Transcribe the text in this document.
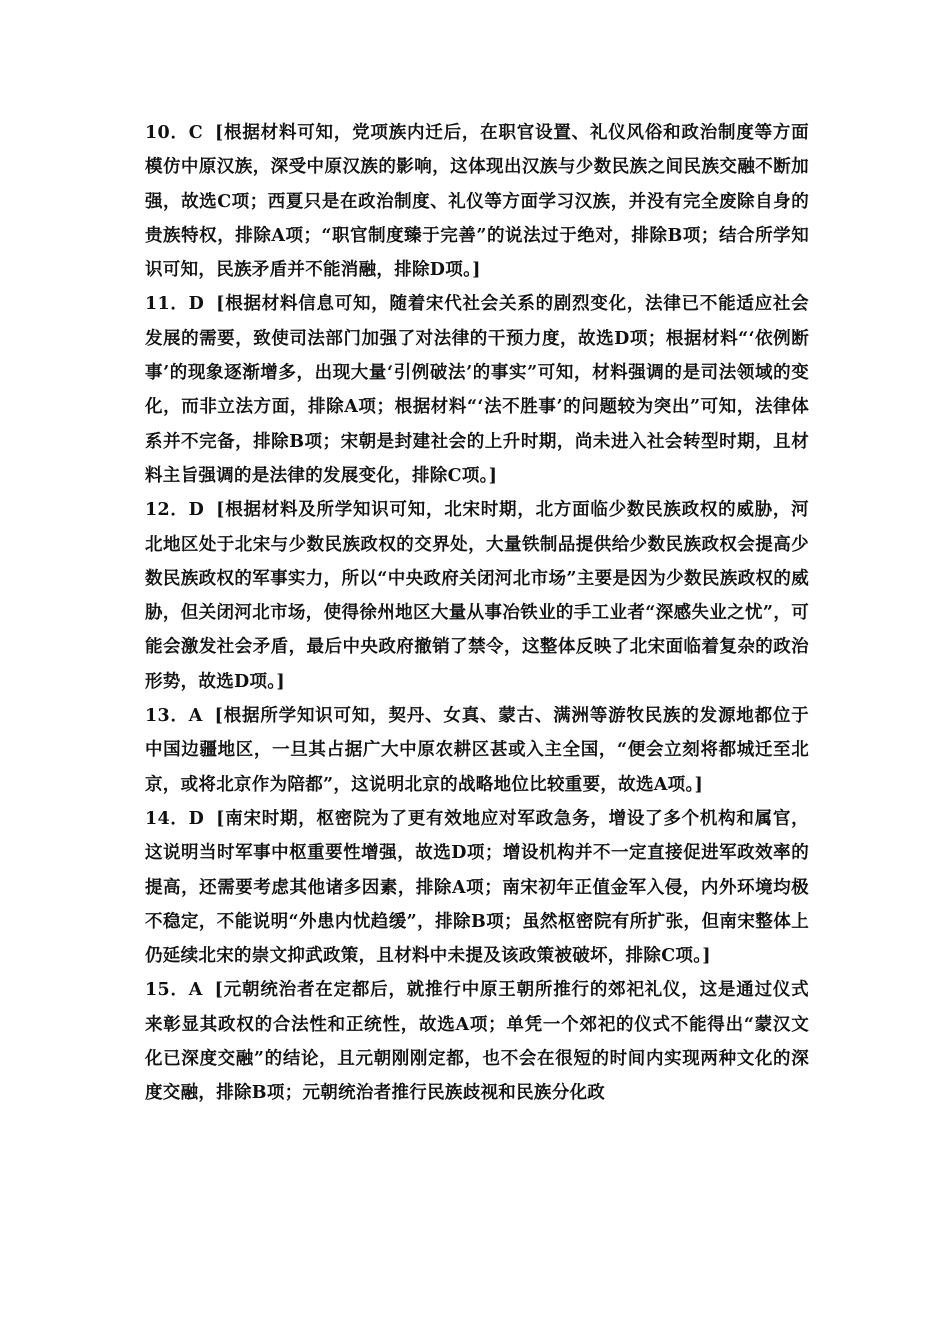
10．C [根据材料可知，党项族内迁后，在职官设置、礼仪风俗和政治制度等方面模仿中原汉族，深受中原汉族的影响，这体现出汉族与少数民族之间民族交融不断加强，故选C项；西夏只是在政治制度、礼仪等方面学习汉族，并没有完全废除自身的贵族特权，排除A项；“职官制度臻于完善”的说法过于绝对，排除B项；结合所学知识可知，民族矛盾并不能消融，排除D项。]

11．D [根据材料信息可知，随着宋代社会关系的剧烈变化，法律已不能适应社会发展的需要，致使司法部门加强了对法律的干预力度，故选D项；根据材料“‘依例断事’的现象逐渐增多，出现大量‘引例破法’的事实”可知，材料强调的是司法领域的变化，而非立法方面，排除A项；根据材料“‘法不胜事’的问题较为突出”可知，法律体系并不完备，排除B项；宋朝是封建社会的上升时期，尚未进入社会转型时期，且材料主旨强调的是法律的发展变化，排除C项。]

12．D [根据材料及所学知识可知，北宋时期，北方面临少数民族政权的威胁，河北地区处于北宋与少数民族政权的交界处，大量铁制品提供给少数民族政权会提高少数民族政权的军事实力，所以“中央政府关闭河北市场”主要是因为少数民族政权的威胁，但关闭河北市场，使得徐州地区大量从事冶铁业的手工业者“深感失业之忧”，可能会激发社会矛盾，最后中央政府撤销了禁令，这整体反映了北宋面临着复杂的政治形势，故选D项。]

13．A [根据所学知识可知，契丹、女真、蒙古、满洲等游牧民族的发源地都位于中国边疆地区，一旦其占据广大中原农耕区甚或入主全国，“便会立刻将都城迁至北京，或将北京作为陪都”，这说明北京的战略地位比较重要，故选A项。]

14．D [南宋时期，枢密院为了更有效地应对军政急务，增设了多个机构和属官，这说明当时军事中枢重要性增强，故选D项；增设机构并不一定直接促进军政效率的提高，还需要考虑其他诸多因素，排除A项；南宋初年正值金军入侵，内外环境均极不稳定，不能说明“外患内忧趋缓”，排除B项；虽然枢密院有所扩张，但南宋整体上仍延续北宋的崇文抑武政策，且材料中未提及该政策被破坏，排除C项。]

15．A [元朝统治者在定都后，就推行中原王朝所推行的郊祀礼仪，这是通过仪式来彰显其政权的合法性和正统性，故选A项；单凭一个郊祀的仪式不能得出“蒙汉文化已深度交融”的结论，且元朝刚刚定都，也不会在很短的时间内实现两种文化的深度交融，排除B项；元朝统治者推行民族歧视和民族分化政
